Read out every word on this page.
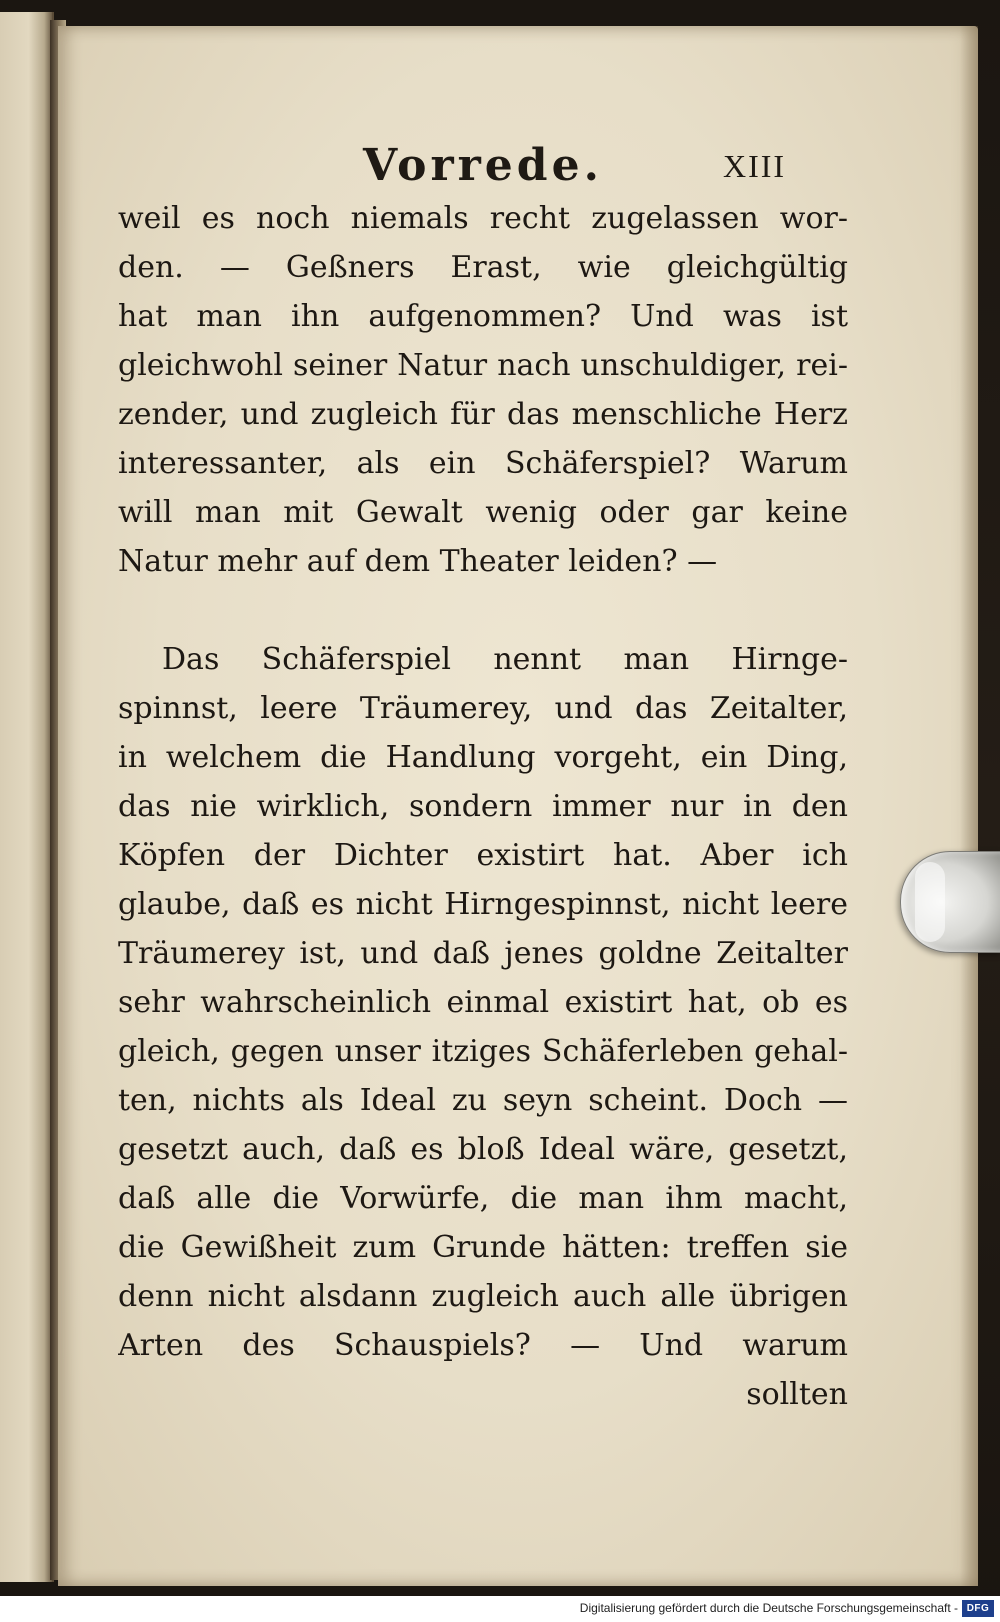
Vorrede.	XIII
weil es noch niemals recht zugelassen wor-
den. — Geßners Erast, wie gleichgültig
hat man ihn aufgenommen? Und was ist
gleichwohl seiner Natur nach unschuldiger, rei-
zender, und zugleich für das menschliche Herz
interessanter, als ein Schäferspiel? Warum
will man mit Gewalt wenig oder gar keine
Natur mehr auf dem Theater leiden? —
Das Schäferspiel nennt man Hirnge-
spinnst, leere Träumerey, und das Zeitalter,
in welchem die Handlung vorgeht, ein Ding,
das nie wirklich, sondern immer nur in den
Köpfen der Dichter existirt hat. Aber ich
glaube, daß es nicht Hirngespinnst, nicht leere
Träumerey ist, und daß jenes goldne Zeitalter
sehr wahrscheinlich einmal existirt hat, ob es
gleich, gegen unser itziges Schäferleben gehal-
ten, nichts als Ideal zu seyn scheint. Doch —
gesetzt auch, daß es bloß Ideal wäre, gesetzt,
daß alle die Vorwürfe, die man ihm macht,
die Gewißheit zum Grunde hätten: treffen sie
denn nicht alsdann zugleich auch alle übrigen
Arten des Schauspiels? — Und warum
sollten
Digitalisierung gefördert durch die Deutsche Forschungsgemeinschaft - DFG
